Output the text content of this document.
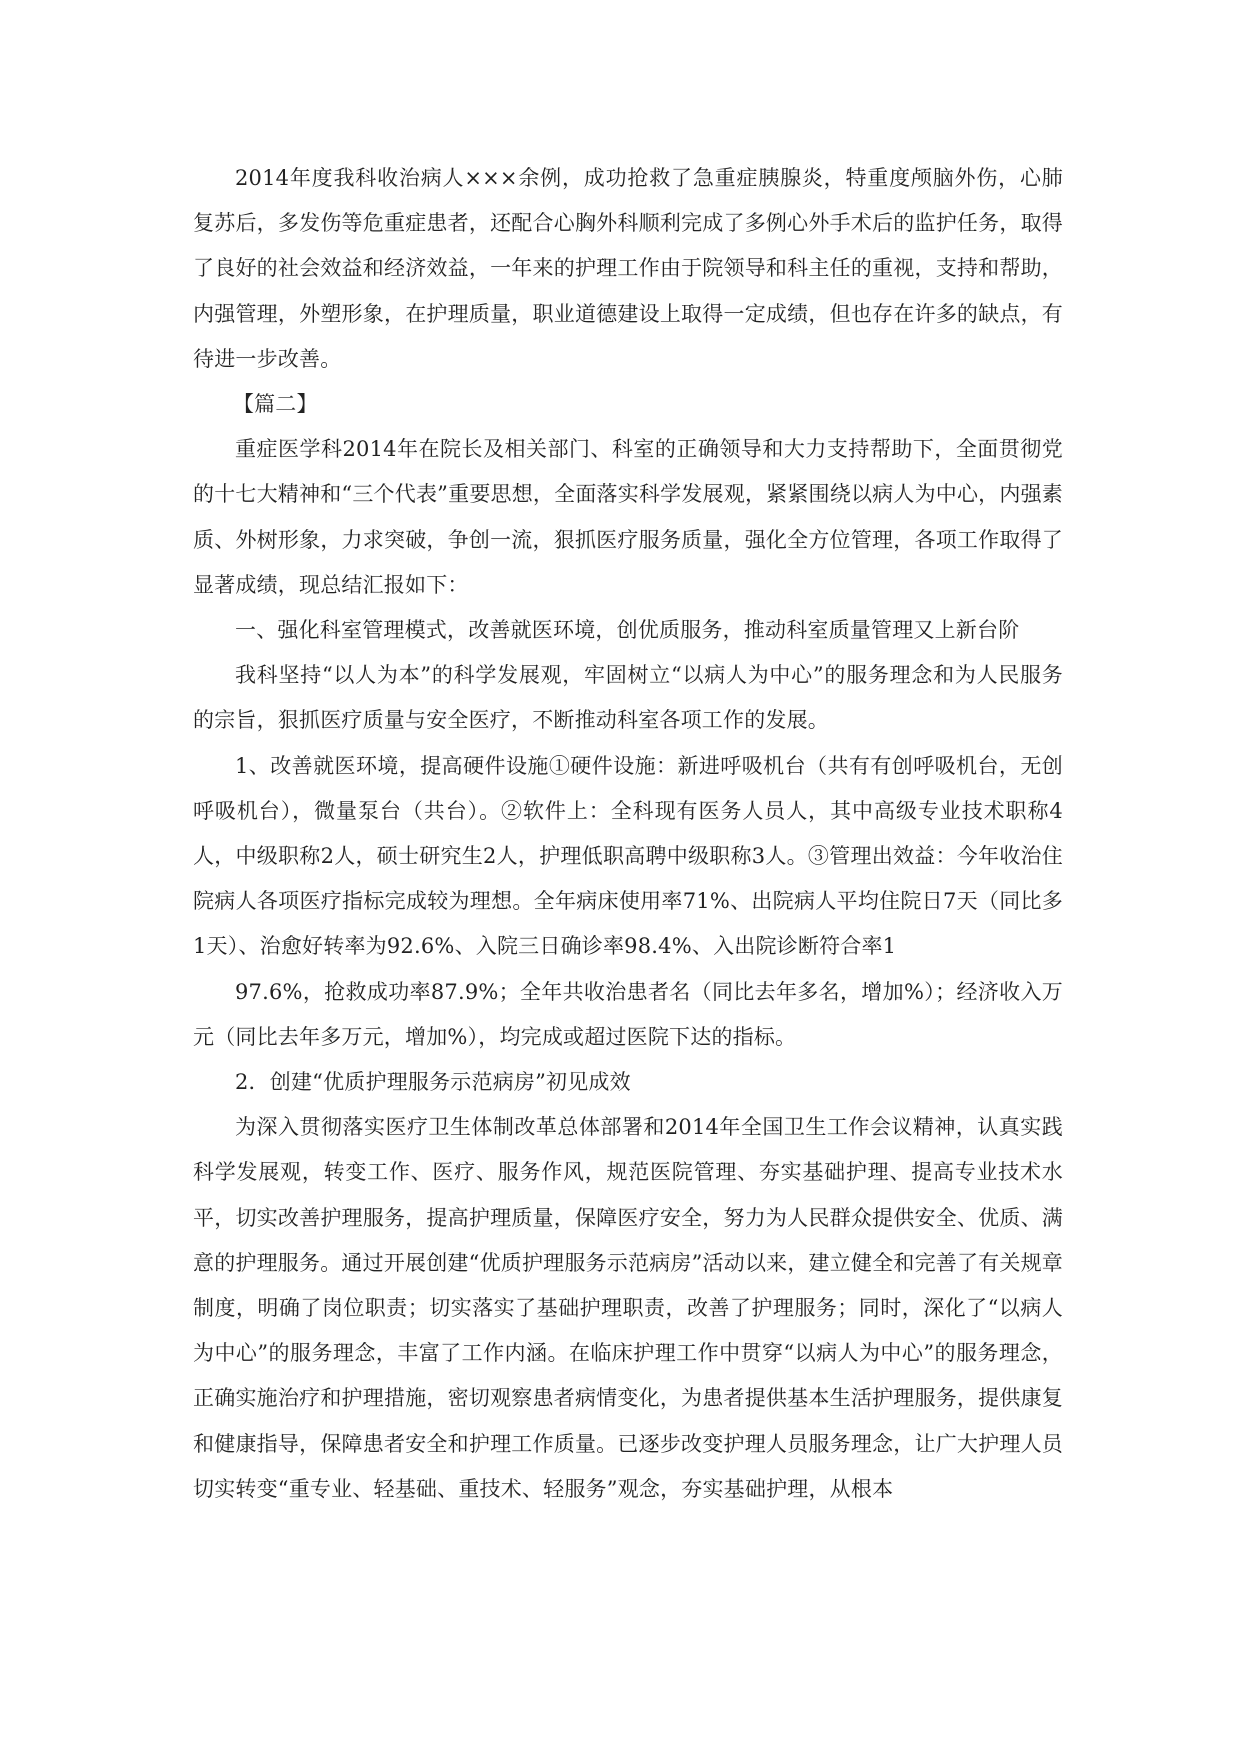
2014年度我科收治病人×××余例，成功抢救了急重症胰腺炎，特重度颅脑外伤，心肺复苏后，多发伤等危重症患者，还配合心胸外科顺利完成了多例心外手术后的监护任务，取得了良好的社会效益和经济效益，一年来的护理工作由于院领导和科主任的重视，支持和帮助，内强管理，外塑形象，在护理质量，职业道德建设上取得一定成绩，但也存在许多的缺点，有待进一步改善。

【篇二】

重症医学科2014年在院长及相关部门、科室的正确领导和大力支持帮助下，全面贯彻党的十七大精神和“三个代表”重要思想，全面落实科学发展观，紧紧围绕以病人为中心，内强素质、外树形象，力求突破，争创一流，狠抓医疗服务质量，强化全方位管理，各项工作取得了显著成绩，现总结汇报如下：

一、强化科室管理模式，改善就医环境，创优质服务，推动科室质量管理又上新台阶

我科坚持“以人为本”的科学发展观，牢固树立“以病人为中心”的服务理念和为人民服务的宗旨，狠抓医疗质量与安全医疗，不断推动科室各项工作的发展。

1、改善就医环境，提高硬件设施①硬件设施：新进呼吸机台（共有有创呼吸机台，无创呼吸机台），微量泵台（共台）。②软件上：全科现有医务人员人，其中高级专业技术职称4人，中级职称2人，硕士研究生2人，护理低职高聘中级职称3人。③管理出效益：今年收治住院病人各项医疗指标完成较为理想。全年病床使用率71%、出院病人平均住院日7天（同比多1天）、治愈好转率为92.6%、入院三日确诊率98.4%、入出院诊断符合率1

97.6%，抢救成功率87.9%；全年共收治患者名（同比去年多名，增加%）；经济收入万元（同比去年多万元，增加%），均完成或超过医院下达的指标。

2．创建“优质护理服务示范病房”初见成效

为深入贯彻落实医疗卫生体制改革总体部署和2014年全国卫生工作会议精神，认真实践科学发展观，转变工作、医疗、服务作风，规范医院管理、夯实基础护理、提高专业技术水平，切实改善护理服务，提高护理质量，保障医疗安全，努力为人民群众提供安全、优质、满意的护理服务。通过开展创建“优质护理服务示范病房”活动以来，建立健全和完善了有关规章制度，明确了岗位职责；切实落实了基础护理职责，改善了护理服务；同时，深化了“以病人为中心”的服务理念，丰富了工作内涵。在临床护理工作中贯穿“以病人为中心”的服务理念，正确实施治疗和护理措施，密切观察患者病情变化，为患者提供基本生活护理服务，提供康复和健康指导，保障患者安全和护理工作质量。已逐步改变护理人员服务理念，让广大护理人员切实转变“重专业、轻基础、重技术、轻服务”观念，夯实基础护理，从根本
